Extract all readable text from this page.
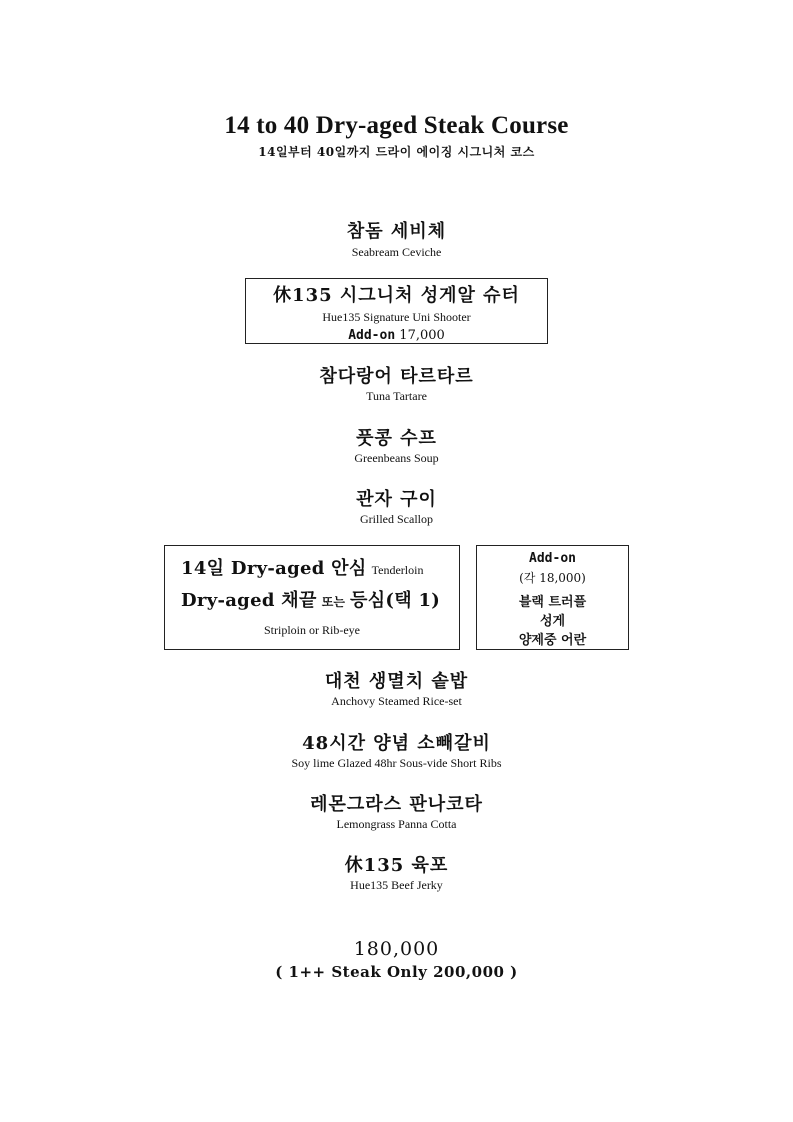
14 to 40 Dry-aged Steak Course
14일부터 40일까지 드라이 에이징 시그니처 코스
참돔 세비체
Seabream Ceviche
休135 시그니처 성게알 슈터
Hue135 Signature Uni Shooter
Add-on 17,000
참다랑어 타르타르
Tuna Tartare
풋콩 수프
Greenbeans Soup
관자 구이
Grilled Scallop
14일 Dry-aged 안심 Tenderloin
Dry-aged 채끝 또는 등심(택 1)
Striploin or Rib-eye
Add-on
(각 18,000)
블랙 트러플
성게
양제중 어란
대천 생멸치 솥밥
Anchovy Steamed Rice-set
48시간 양념 소빼갈비
Soy lime Glazed 48hr Sous-vide Short Ribs
레몬그라스 판나코타
Lemongrass Panna Cotta
休135 육포
Hue135 Beef Jerky
180,000
( 1++ Steak Only 200,000 )
